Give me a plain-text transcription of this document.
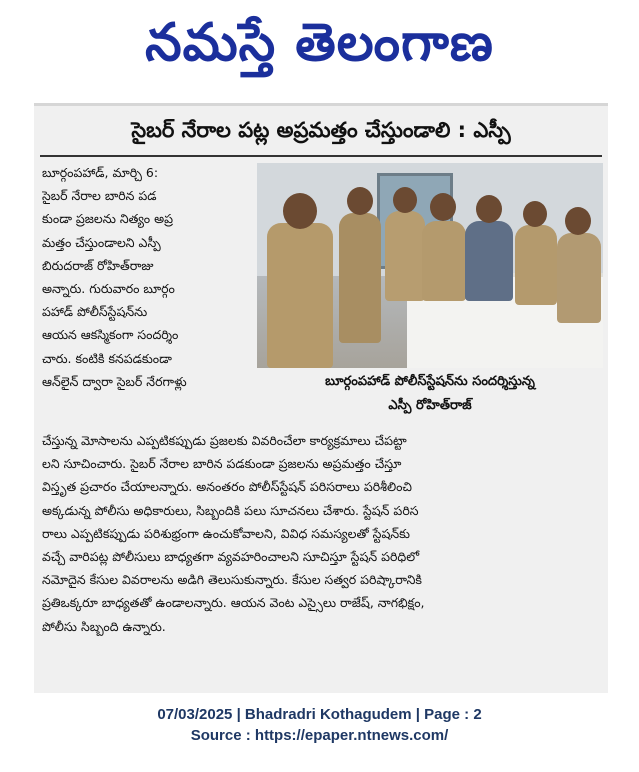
నమస్తే తెలంగాణ
సైబర్ నేరాల పట్ల అప్రమత్తం చేస్తుండాలి : ఎస్పీ
బూర్గంపహాడ్, మార్చి 6:
సైబర్ నేరాల బారిన పడ
కుండా ప్రజలను నిత్యం అప్ర
మత్తం చేస్తుండాలని ఎస్పీ
బిరుదరాజ్ రోహిత్‌రాజు
అన్నారు. గురువారం బూర్గం
పహాడ్ పోలీస్‌స్టేషన్‌ను
ఆయన ఆకస్మికంగా సందర్శిం
చారు. కంటికి కనపడకుండా
ఆన్‌లైన్ ద్వారా సైబర్ నేరగాళ్లు	బూర్గంపహాడ్ పోలీస్‌స్టేషన్‌ను సందర్శిస్తున్న
ఎస్పీ రోహిత్‌రాజ్
చేస్తున్న మోసాలను ఎప్పటికప్పుడు ప్రజలకు వివరించేలా కార్యక్రమాలు చేపట్టా
లని సూచించారు. సైబర్ నేరాల బారిన పడకుండా ప్రజలను అప్రమత్తం చేస్తూ
విస్తృత ప్రచారం చేయాలన్నారు. అనంతరం పోలీస్‌స్టేషన్ పరిసరాలు పరిశీలించి
అక్కడున్న పోలీసు అధికారులు, సిబ్బందికి పలు సూచనలు చేశారు. స్టేషన్ పరిస
రాలు ఎప్పటికప్పుడు పరిశుభ్రంగా ఉంచుకోవాలని, వివిధ సమస్యలతో స్టేషన్‌కు
వచ్చే వారిపట్ల పోలీసులు బాధ్యతగా వ్యవహరించాలని సూచిస్తూ స్టేషన్ పరిధిలో
నమోదైన కేసుల వివరాలను అడిగి తెలుసుకున్నారు. కేసుల సత్వర పరిష్కారానికి
ప్రతిఒక్కరూ బాధ్యతతో ఉండాలన్నారు. ఆయన వెంట ఎస్సైలు రాజేష్, నాగభిక్షం,
పోలీసు సిబ్బంది ఉన్నారు.
07/03/2025 | Bhadradri Kothagudem | Page : 2
Source : https://epaper.ntnews.com/
